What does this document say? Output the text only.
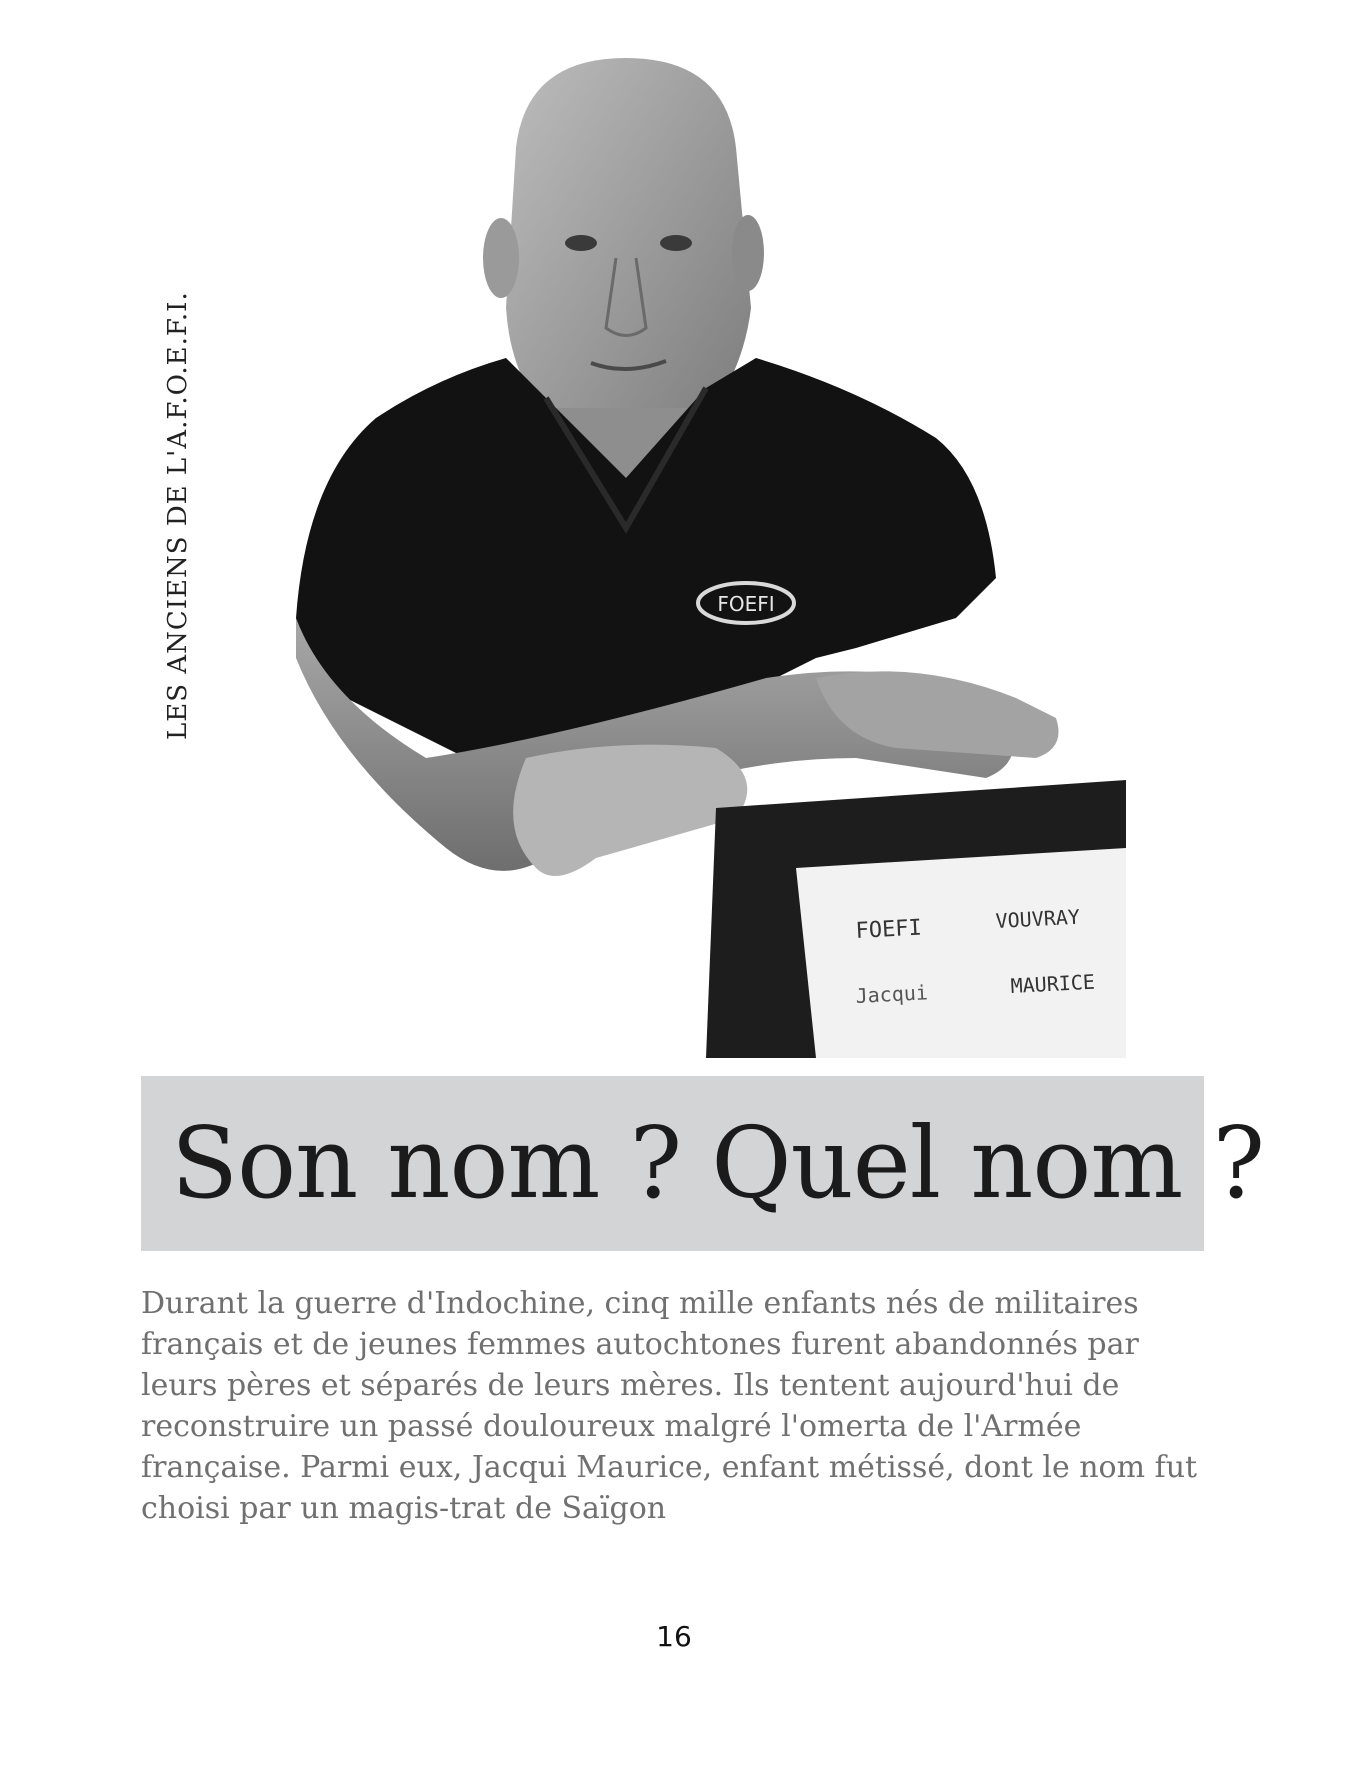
LES ANCIENS DE L'A.F.O.E.F.I.	FOEFI
FOEFI	VOUVRAY
Jacqui	MAURICE
Son nom ? Quel nom ?

Durant la guerre d'Indochine, cinq mille enfants nés de militaires français et de jeunes femmes autochtones furent abandonnés par leurs pères et séparés de leurs mères. Ils tentent aujourd'hui de reconstruire un passé douloureux malgré l'omerta de l'Armée française. Parmi eux, Jacqui Maurice, enfant métissé, dont le nom fut choisi par un magis-trat de Saïgon

16
